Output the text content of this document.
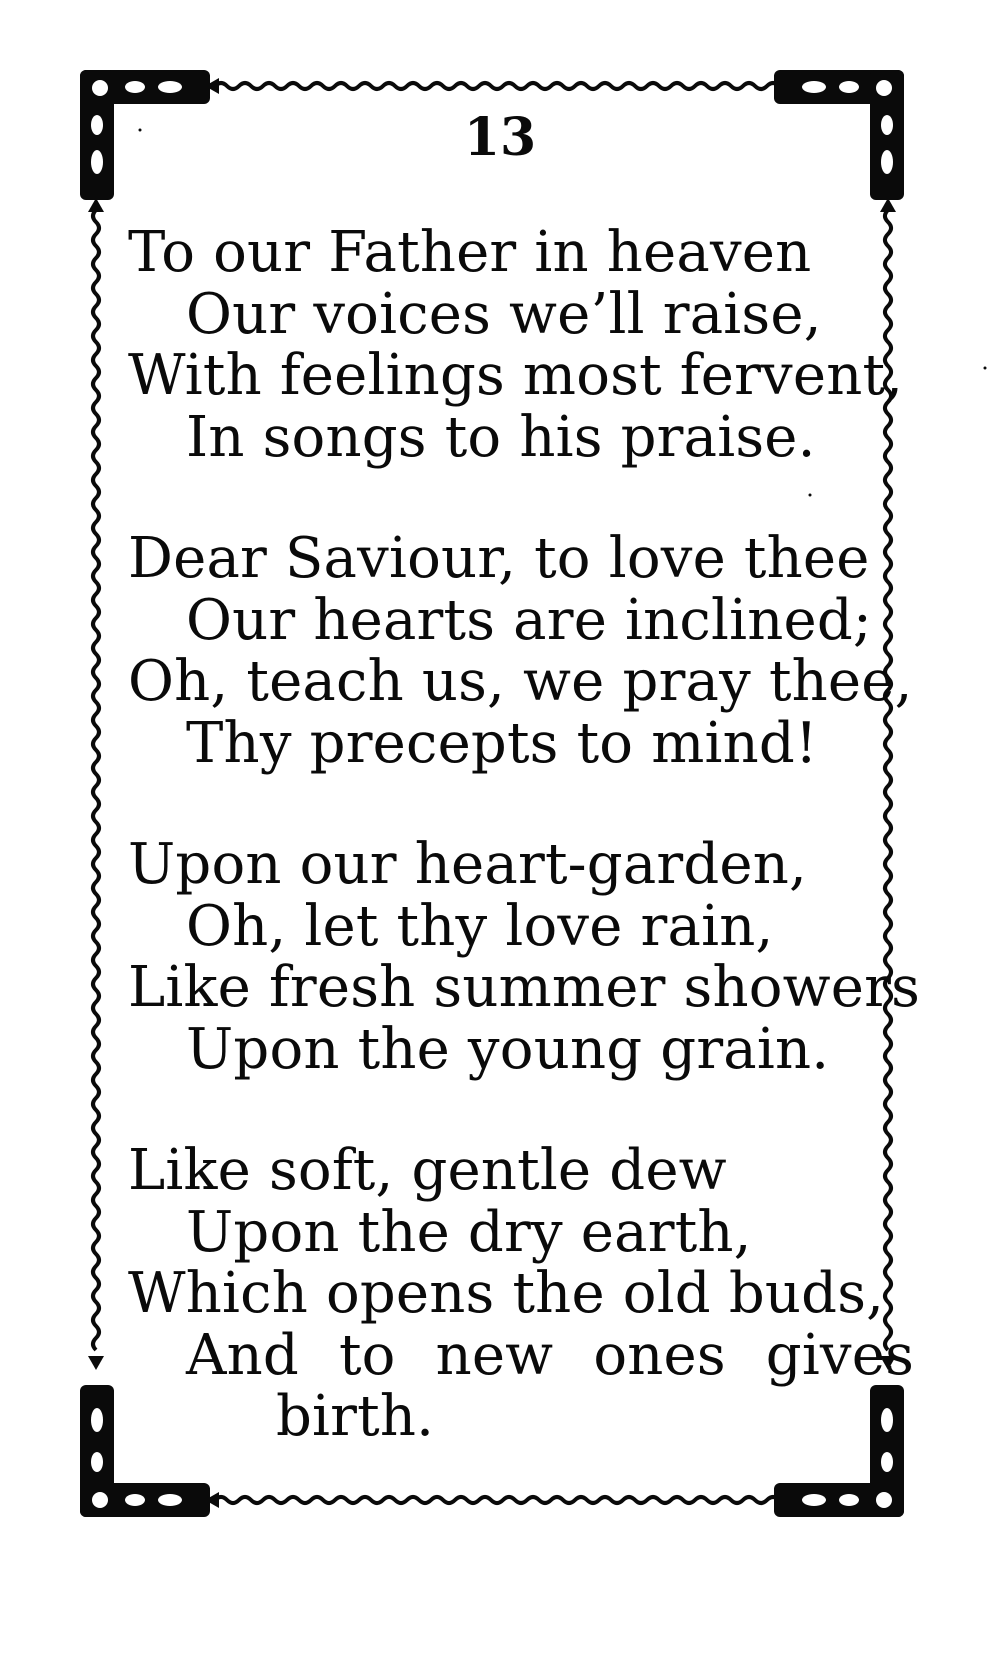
13
To our Father in heaven
Our voices we’ll raise,
With feelings most fervent,
In songs to his praise.
Dear Saviour, to love thee
Our hearts are inclined;
Oh, teach us, we pray thee,
Thy precepts to mind!
Upon our heart-garden,
Oh, let thy love rain,
Like fresh summer showers
Upon the young grain.
Like soft, gentle dew
Upon the dry earth,
Which opens the old buds,
And to new ones gives
birth.
